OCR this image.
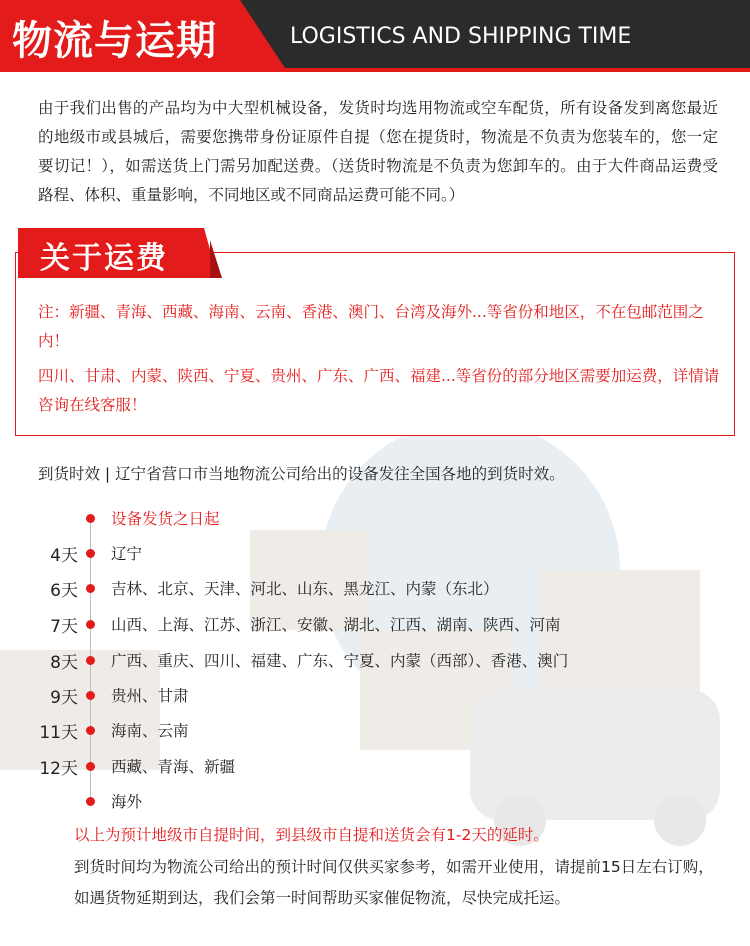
物流与运期	LOGISTICS AND SHIPPING TIME
由于我们出售的产品均为中大型机械设备，发货时均选用物流或空车配货，所有设备发到离您最近的地级市或县城后，需要您携带身份证原件自提（您在提货时，物流是不负责为您装车的，您一定要切记！），如需送货上门需另加配送费。（送货时物流是不负责为您卸车的。由于大件商品运费受路程、体积、重量影响，不同地区或不同商品运费可能不同。）
关于运费
注：新疆、青海、西藏、海南、云南、香港、澳门、台湾及海外...等省份和地区，不在包邮范围之内！
四川、甘肃、内蒙、陕西、宁夏、贵州、广东、广西、福建...等省份的部分地区需要加运费，详情请咨询在线客服！
到货时效 | 辽宁省营口市当地物流公司给出的设备发往全国各地的到货时效。
设备发货之日起
4天 辽宁
6天 吉林、北京、天津、河北、山东、黑龙江、内蒙（东北）
7天 山西、上海、江苏、浙江、安徽、湖北、江西、湖南、陕西、河南
8天 广西、重庆、四川、福建、广东、宁夏、内蒙（西部）、香港、澳门
9天 贵州、甘肃
11天 海南、云南
12天 西藏、青海、新疆
海外
以上为预计地级市自提时间，到县级市自提和送货会有1-2天的延时。
到货时间均为物流公司给出的预计时间仅供买家参考，如需开业使用，请提前15日左右订购，如遇货物延期到达，我们会第一时间帮助买家催促物流，尽快完成托运。
